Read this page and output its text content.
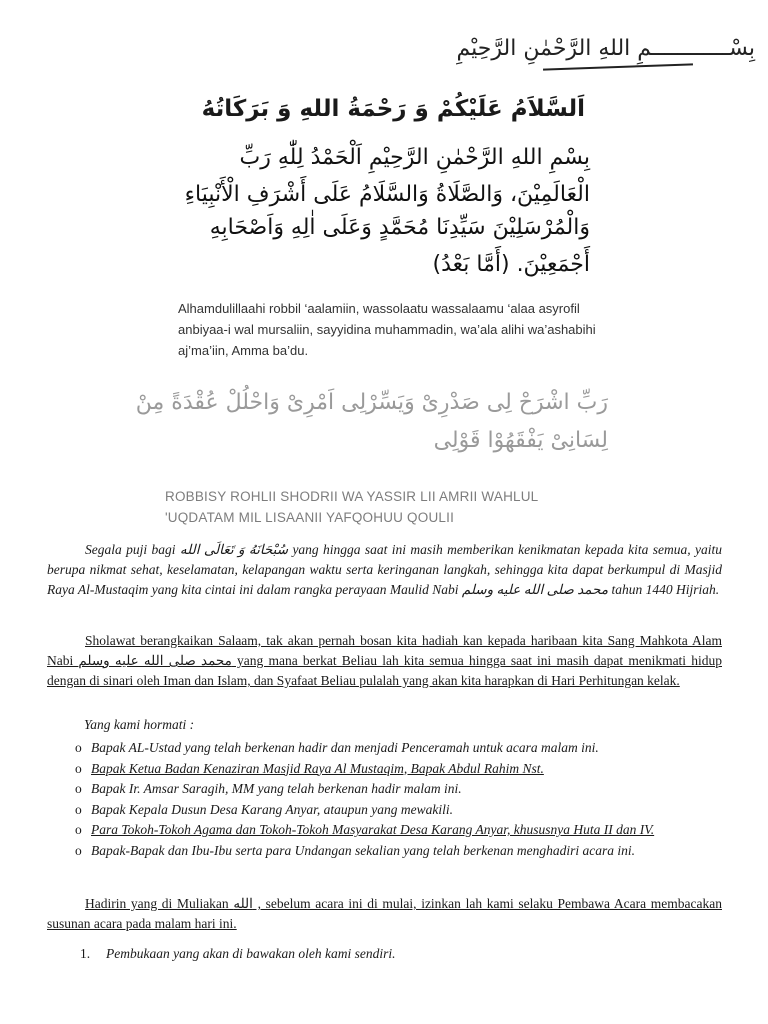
بِسْــــــــــــمِ اللهِ الرَّحْمٰنِ الرَّحِيْمِ
اَلسَّلاَمُ عَلَيْكُمْ وَ رَحْمَةُ اللهِ وَ بَرَكَاتُهُ
بِسْمِ اللهِ الرَّحْمٰنِ الرَّحِيْمِ اَلْحَمْدُ لِلّٰهِ رَبِّ
الْعَالَمِيْنَ، وَالصَّلَاةُ وَالسَّلَامُ عَلَى أَشْرَفِ الْأَنْبِيَاءِ
وَالْمُرْسَلِيْنَ سَيِّدِنَا مُحَمَّدٍ وَعَلَى اٰلِهِ وَاَصْحَابِهِ
أَجْمَعِيْنَ. (أَمَّا بَعْدُ)
Alhamdulillaahi robbil ‘aalamiin, wassolaatu wassalaamu ‘alaa asyrofil anbiyaa-i wal mursaliin, sayyidina muhammadin, wa’ala alihi wa’ashabihi aj’ma’iin, Amma ba’du.
رَبِّ اشْرَحْ لِى صَدْرِىْ وَيَسِّرْلِى اَمْرِىْ وَاحْلُلْ عُقْدَةً مِنْ
لِسَانِىْ يَفْقَهُوْا قَوْلِى
ROBBISY ROHLII SHODRII WA YASSIR LII AMRII WAHLUL
'UQDATAM MIL LISAANII YAFQOHUU QOULII
Segala puji bagi سُبْحَانَهُ وَ تَعَالَى الله yang hingga saat ini masih memberikan kenikmatan kepada kita semua, yaitu berupa nikmat sehat, keselamatan, kelapangan waktu serta keringanan langkah, sehingga kita dapat berkumpul di Masjid Raya Al-Mustaqim yang kita cintai ini dalam rangka perayaan Maulid Nabi محمد صلى الله عليه وسلم tahun 1440 Hijriah.
Sholawat berangkaikan Salaam, tak akan pernah bosan kita hadiah kan kepada haribaan kita Sang Mahkota Alam Nabi محمد صلى الله عليه وسلم yang mana berkat Beliau lah kita semua hingga saat ini masih dapat menikmati hidup dengan di sinari oleh Iman dan Islam, dan Syafaat Beliau pulalah yang akan kita harapkan di Hari Perhitungan kelak.
Yang kami hormati :
o Bapak AL-Ustad yang telah berkenan hadir dan menjadi Penceramah untuk acara malam ini.
o Bapak Ketua Badan Kenaziran Masjid Raya Al Mustaqim, Bapak Abdul Rahim Nst.
o Bapak Ir. Amsar Saragih, MM yang telah berkenan hadir malam ini.
o Bapak Kepala Dusun Desa Karang Anyar, ataupun yang mewakili.
o Para Tokoh-Tokoh Agama dan Tokoh-Tokoh Masyarakat Desa Karang Anyar, khususnya Huta II dan IV.
o Bapak-Bapak dan Ibu-Ibu serta para Undangan sekalian yang telah berkenan menghadiri acara ini.
Hadirin yang di Muliakan الله , sebelum acara ini di mulai, izinkan lah kami selaku Pembawa Acara membacakan susunan acara pada malam hari ini.
1. Pembukaan yang akan di bawakan oleh kami sendiri.
